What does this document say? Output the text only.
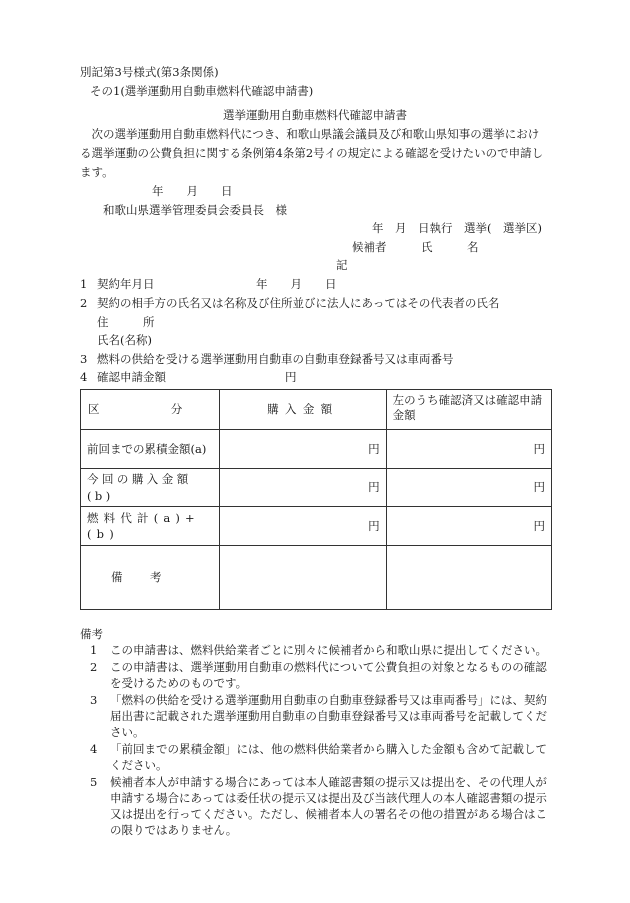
別記第3号様式(第3条関係)
その1(選挙運動用自動車燃料代確認申請書)
選挙運動用自動車燃料代確認申請書
次の選挙運動用自動車燃料代につき、和歌山県議会議員及び和歌山県知事の選挙における選挙運動の公費負担に関する条例第4条第2号イの規定による確認を受けたいので申請します。
年　　月　　日
和歌山県選挙管理委員会委員長　様
年　月　日執行　選挙(　選挙区)
候補者　　　氏　　　名
記
1 契約年月日	年　　月　　日
2 契約の相手方の氏名又は名称及び住所並びに法人にあってはその代表者の氏名
住　　　所
氏名(名称)
3 燃料の供給を受ける選挙運動用自動車の自動車登録番号又は車両番号
4 確認申請金額	円
区　分	購入金額	左のうち確認済又は確認申請金額
前回までの累積金額(a)	円	円
今回の購入金額(b)	円	円
燃料代計(a)+(b)	円	円
備考		
備考
1 この申請書は、燃料供給業者ごとに別々に候補者から和歌山県に提出してください。
2 この申請書は、選挙運動用自動車の燃料代について公費負担の対象となるものの確認を受けるためのものです。
3 「燃料の供給を受ける選挙運動用自動車の自動車登録番号又は車両番号」には、契約届出書に記載された選挙運動用自動車の自動車登録番号又は車両番号を記載してください。
4 「前回までの累積金額」には、他の燃料供給業者から購入した金額も含めて記載してください。
5 候補者本人が申請する場合にあっては本人確認書類の提示又は提出を、その代理人が申請する場合にあっては委任状の提示又は提出及び当該代理人の本人確認書類の提示又は提出を行ってください。ただし、候補者本人の署名その他の措置がある場合はこの限りではありません。
